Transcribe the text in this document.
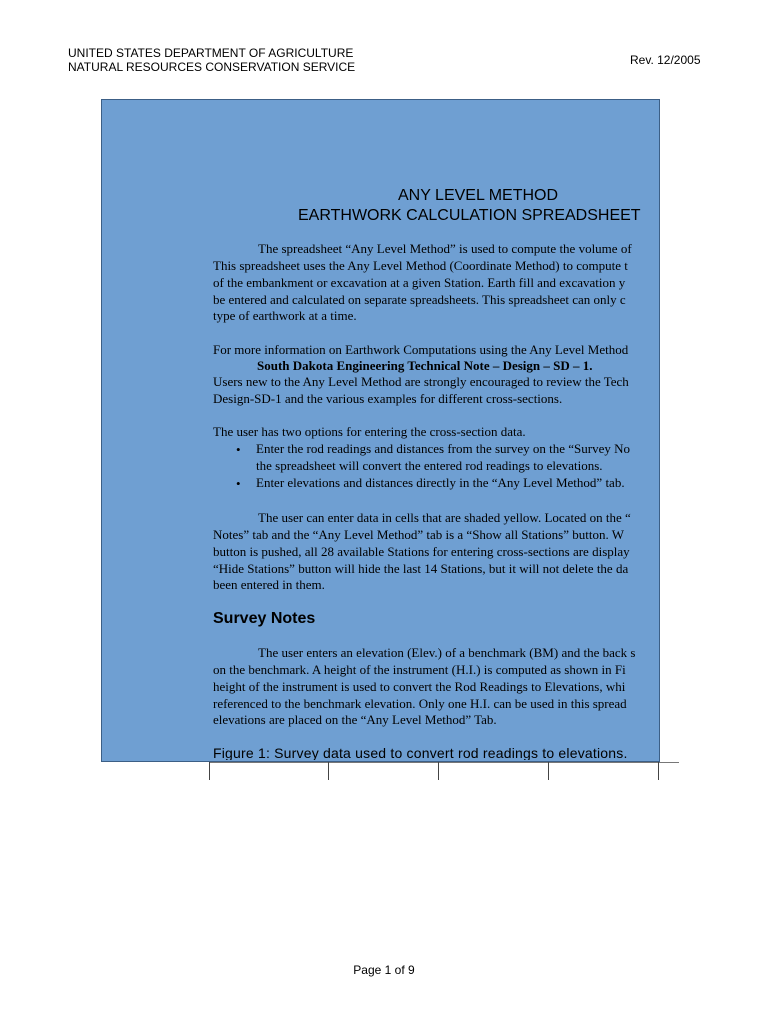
UNITED STATES DEPARTMENT OF AGRICULTURE
NATURAL RESOURCES CONSERVATION SERVICE	Rev. 12/2005
ANY LEVEL METHOD
EARTHWORK CALCULATION SPREADSHEET
The spreadsheet “Any Level Method” is used to compute the volume of
This spreadsheet uses the Any Level Method (Coordinate Method) to compute t
of the embankment or excavation at a given Station. Earth fill and excavation y
be entered and calculated on separate spreadsheets. This spreadsheet can only c
type of earthwork at a time.
For more information on Earthwork Computations using the Any Level Method
South Dakota Engineering Technical Note – Design – SD – 1.
Users new to the Any Level Method are strongly encouraged to review the Tech
Design-SD-1 and the various examples for different cross-sections.
The user has two options for entering the cross-section data.
• Enter the rod readings and distances from the survey on the “Survey No
the spreadsheet will convert the entered rod readings to elevations.
• Enter elevations and distances directly in the “Any Level Method” tab.
The user can enter data in cells that are shaded yellow. Located on the “
Notes” tab and the “Any Level Method” tab is a “Show all Stations” button. W
button is pushed, all 28 available Stations for entering cross-sections are display
“Hide Stations” button will hide the last 14 Stations, but it will not delete the da
been entered in them.
Survey Notes
The user enters an elevation (Elev.) of a benchmark (BM) and the back s
on the benchmark. A height of the instrument (H.I.) is computed as shown in Fi
height of the instrument is used to convert the Rod Readings to Elevations, whi
referenced to the benchmark elevation. Only one H.I. can be used in this spread
elevations are placed on the “Any Level Method” Tab.
Figure 1: Survey data used to convert rod readings to elevations.
Page 1 of 9
